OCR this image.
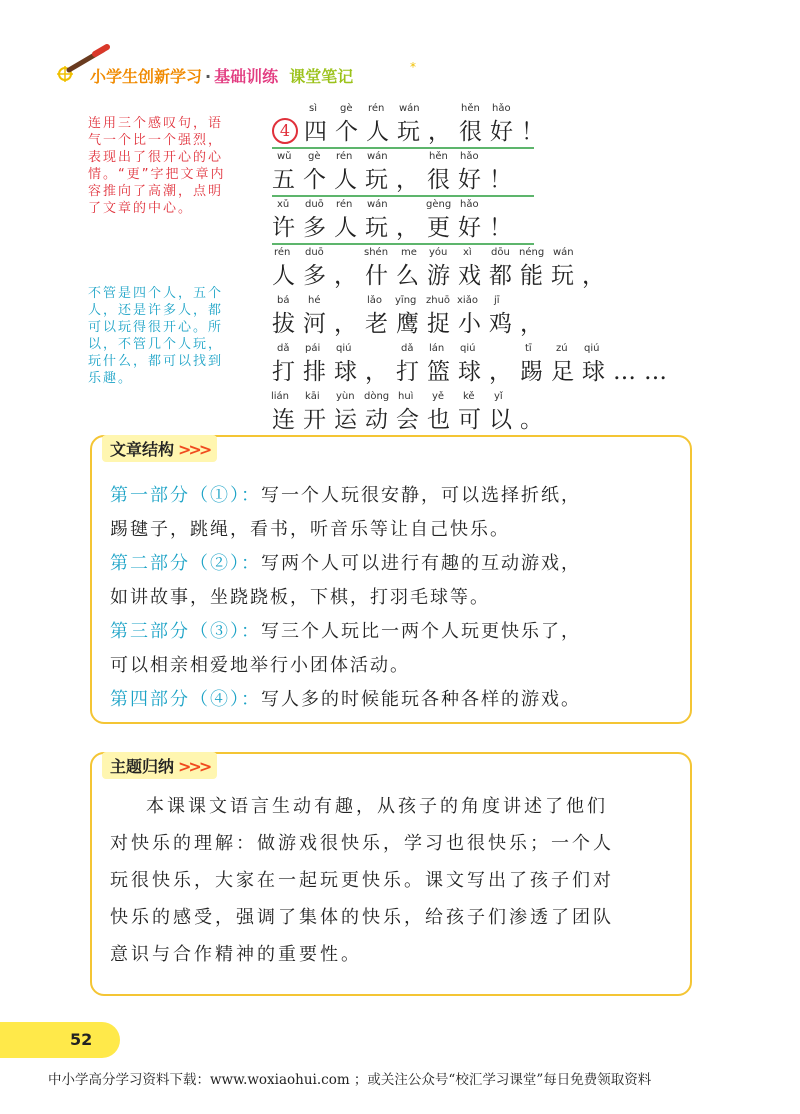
小学生创新学习 · 基础训练 课堂笔记	*
连用三个感叹句，语气一个比一个强烈，表现出了很开心的心情。“更”字把文章内容推向了高潮，点明了文章的中心。
不管是四个人，五个人，还是许多人，都可以玩得很开心。所以，不管几个人玩，玩什么，都可以找到乐趣。
sì gè rén wán	hěn hǎo
4 四个人玩，很好！
wǔ gè rén wán	hěn hǎo
五个人玩，很好！
xǔ duō rén wán	gèng hǎo
许多人玩，更好！
rén duō	shén me yóu xì dōu néng wán
人多，什么游戏都能玩，
bá hé	lǎo yīng zhuō xiǎo jī
拔河，老鹰捉小鸡，
dǎ pái qiú	dǎ lán qiú	tī zú qiú
打排球，打篮球，踢足球……
lián kāi yùn dòng huì yě kě yǐ
连开运动会也可以。
文章结构 >>>
第一部分（①）：写一个人玩很安静，可以选择折纸，
踢毽子，跳绳，看书，听音乐等让自己快乐。
第二部分（②）：写两个人可以进行有趣的互动游戏，
如讲故事，坐跷跷板，下棋，打羽毛球等。
第三部分（③）：写三个人玩比一两个人玩更快乐了，
可以相亲相爱地举行小团体活动。
第四部分（④）：写人多的时候能玩各种各样的游戏。
主题归纳 >>>
本课课文语言生动有趣，从孩子的角度讲述了他们
对快乐的理解：做游戏很快乐，学习也很快乐；一个人
玩很快乐，大家在一起玩更快乐。课文写出了孩子们对
快乐的感受，强调了集体的快乐，给孩子们渗透了团队
意识与合作精神的重要性。
52
中小学高分学习资料下载：www.woxiaohui.com ；或关注公众号“校汇学习课堂”每日免费领取资料
